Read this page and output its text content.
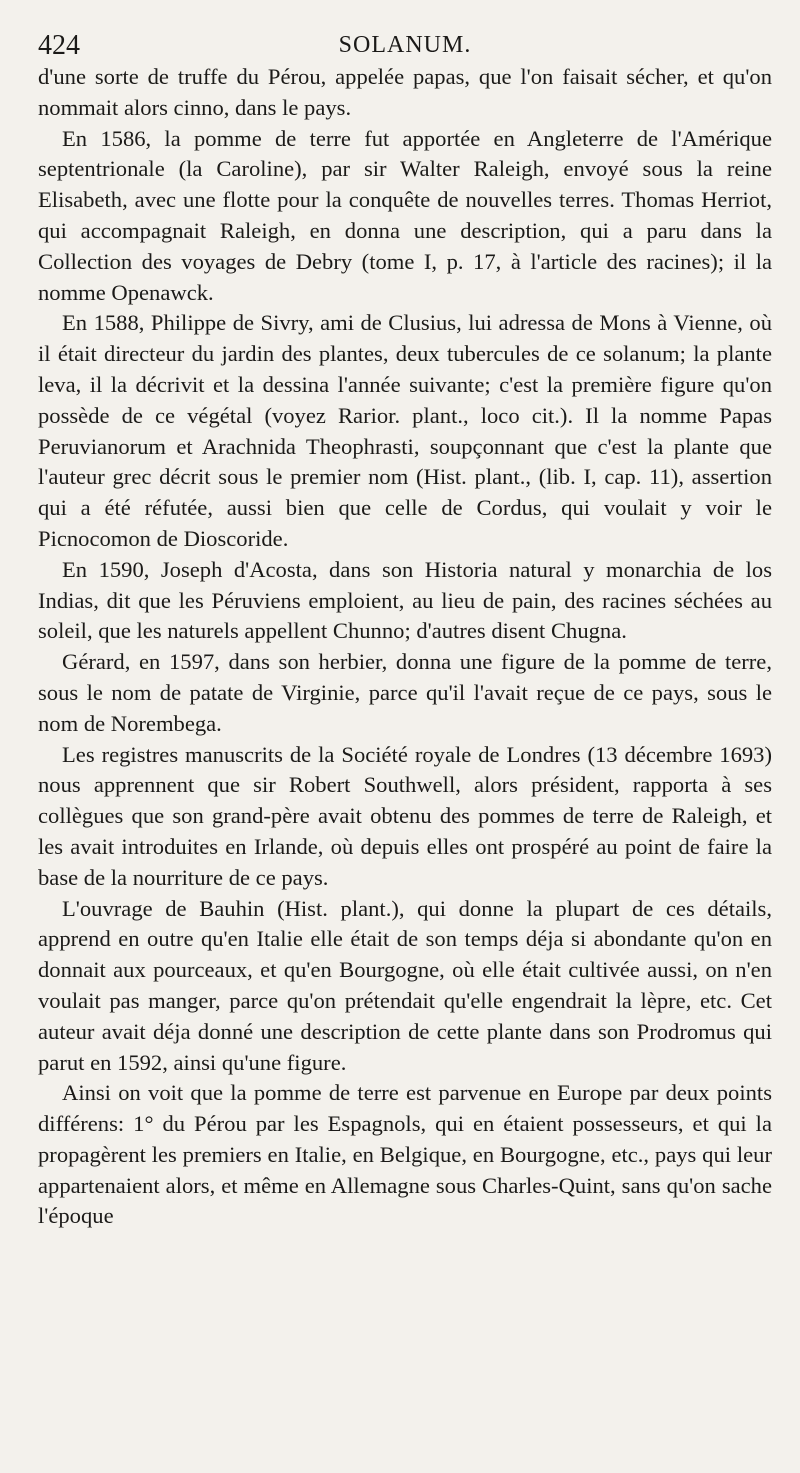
424	SOLANUM.

d'une sorte de truffe du Pérou, appelée papas, que l'on faisait sécher, et qu'on nommait alors cinno, dans le pays.

En 1586, la pomme de terre fut apportée en Angleterre de l'Amérique septentrionale (la Caroline), par sir Walter Raleigh, envoyé sous la reine Elisabeth, avec une flotte pour la conquête de nouvelles terres. Thomas Herriot, qui accompagnait Raleigh, en donna une description, qui a paru dans la Collection des voyages de Debry (tome I, p. 17, à l'article des racines); il la nomme Openawck.

En 1588, Philippe de Sivry, ami de Clusius, lui adressa de Mons à Vienne, où il était directeur du jardin des plantes, deux tubercules de ce solanum; la plante leva, il la décrivit et la dessina l'année suivante; c'est la première figure qu'on possède de ce végétal (voyez Rarior. plant., loco cit.). Il la nomme Papas Peruvianorum et Arachnida Theophrasti, soupçonnant que c'est la plante que l'auteur grec décrit sous le premier nom (Hist. plant., (lib. I, cap. 11), assertion qui a été réfutée, aussi bien que celle de Cordus, qui voulait y voir le Picnocomon de Dioscoride.

En 1590, Joseph d'Acosta, dans son Historia natural y monarchia de los Indias, dit que les Péruviens emploient, au lieu de pain, des racines séchées au soleil, que les naturels appellent Chunno; d'autres disent Chugna.

Gérard, en 1597, dans son herbier, donna une figure de la pomme de terre, sous le nom de patate de Virginie, parce qu'il l'avait reçue de ce pays, sous le nom de Norembega.

Les registres manuscrits de la Société royale de Londres (13 décembre 1693) nous apprennent que sir Robert Southwell, alors président, rapporta à ses collègues que son grand-père avait obtenu des pommes de terre de Raleigh, et les avait introduites en Irlande, où depuis elles ont prospéré au point de faire la base de la nourriture de ce pays.

L'ouvrage de Bauhin (Hist. plant.), qui donne la plupart de ces détails, apprend en outre qu'en Italie elle était de son temps déja si abondante qu'on en donnait aux pourceaux, et qu'en Bourgogne, où elle était cultivée aussi, on n'en voulait pas manger, parce qu'on prétendait qu'elle engendrait la lèpre, etc. Cet auteur avait déja donné une description de cette plante dans son Prodromus qui parut en 1592, ainsi qu'une figure.

Ainsi on voit que la pomme de terre est parvenue en Europe par deux points différens: 1° du Pérou par les Espagnols, qui en étaient possesseurs, et qui la propagèrent les premiers en Italie, en Belgique, en Bourgogne, etc., pays qui leur appartenaient alors, et même en Allemagne sous Charles-Quint, sans qu'on sache l'époque
